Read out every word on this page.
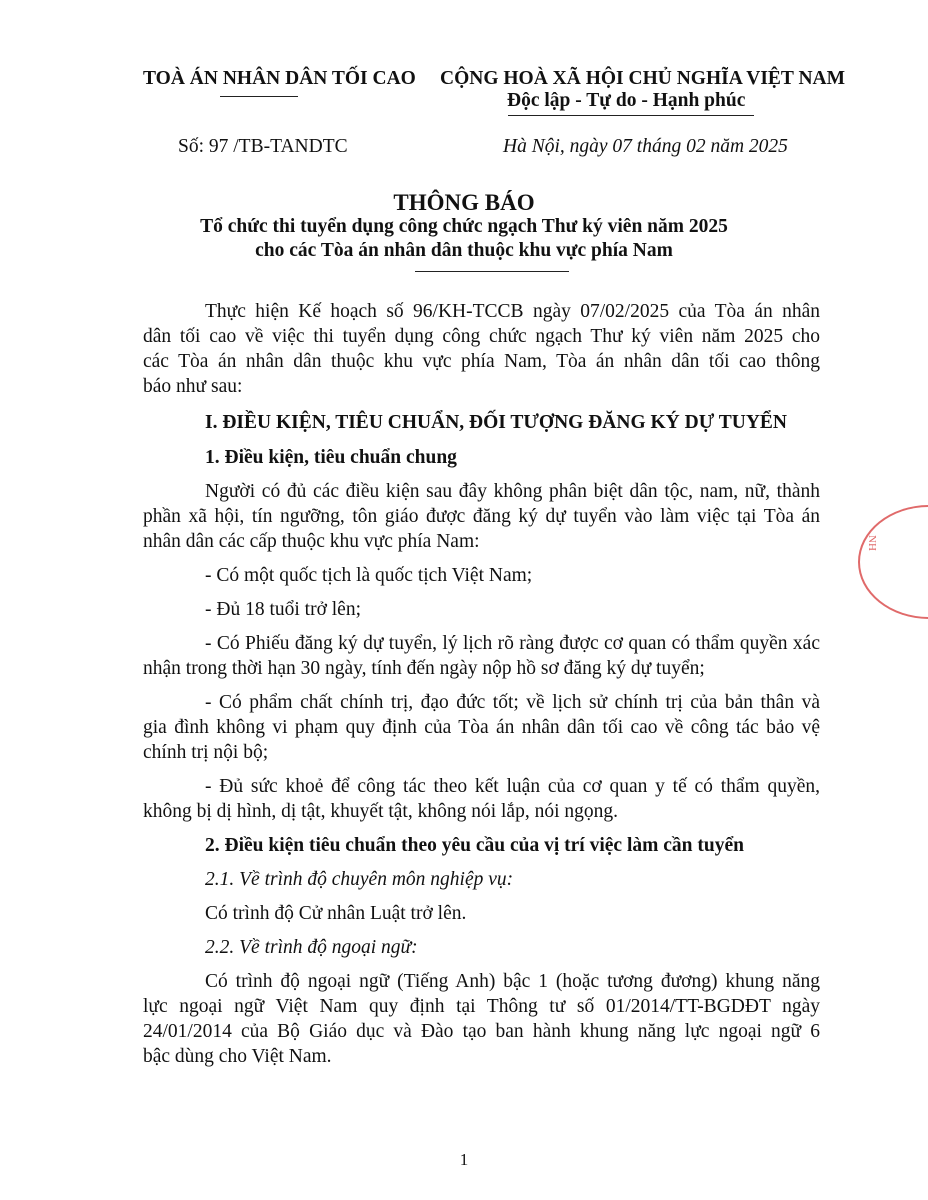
TOÀ ÁN NHÂN DÂN TỐI CAO CỘNG HOÀ XÃ HỘI CHỦ NGHĨA VIỆT NAM
Độc lập - Tự do - Hạnh phúc
Số: 97 /TB-TANDTC	Hà Nội, ngày 07 tháng 02 năm 2025
THÔNG BÁO
Tổ chức thi tuyển dụng công chức ngạch Thư ký viên năm 2025
cho các Tòa án nhân dân thuộc khu vực phía Nam
Thực hiện Kế hoạch số 96/KH-TCCB ngày 07/02/2025 của Tòa án nhân
dân tối cao về việc thi tuyển dụng công chức ngạch Thư ký viên năm 2025 cho
các Tòa án nhân dân thuộc khu vực phía Nam, Tòa án nhân dân tối cao thông
báo như sau:
I. ĐIỀU KIỆN, TIÊU CHUẨN, ĐỐI TƯỢNG ĐĂNG KÝ DỰ TUYỂN
1. Điều kiện, tiêu chuẩn chung
Người có đủ các điều kiện sau đây không phân biệt dân tộc, nam, nữ, thành
phần xã hội, tín ngưỡng, tôn giáo được đăng ký dự tuyển vào làm việc tại Tòa án
nhân dân các cấp thuộc khu vực phía Nam:
- Có một quốc tịch là quốc tịch Việt Nam;
- Đủ 18 tuổi trở lên;
- Có Phiếu đăng ký dự tuyển, lý lịch rõ ràng được cơ quan có thẩm quyền xác
nhận trong thời hạn 30 ngày, tính đến ngày nộp hồ sơ đăng ký dự tuyển;
- Có phẩm chất chính trị, đạo đức tốt; về lịch sử chính trị của bản thân và
gia đình không vi phạm quy định của Tòa án nhân dân tối cao về công tác bảo vệ
chính trị nội bộ;
- Đủ sức khoẻ để công tác theo kết luận của cơ quan y tế có thẩm quyền,
không bị dị hình, dị tật, khuyết tật, không nói lắp, nói ngọng.
2. Điều kiện tiêu chuẩn theo yêu cầu của vị trí việc làm cần tuyển
2.1. Về trình độ chuyên môn nghiệp vụ:
Có trình độ Cử nhân Luật trở lên.
2.2. Về trình độ ngoại ngữ:
Có trình độ ngoại ngữ (Tiếng Anh) bậc 1 (hoặc tương đương) khung năng
lực ngoại ngữ Việt Nam quy định tại Thông tư số 01/2014/TT-BGDĐT ngày
24/01/2014 của Bộ Giáo dục và Đào tạo ban hành khung năng lực ngoại ngữ 6
bậc dùng cho Việt Nam.
NH
1
